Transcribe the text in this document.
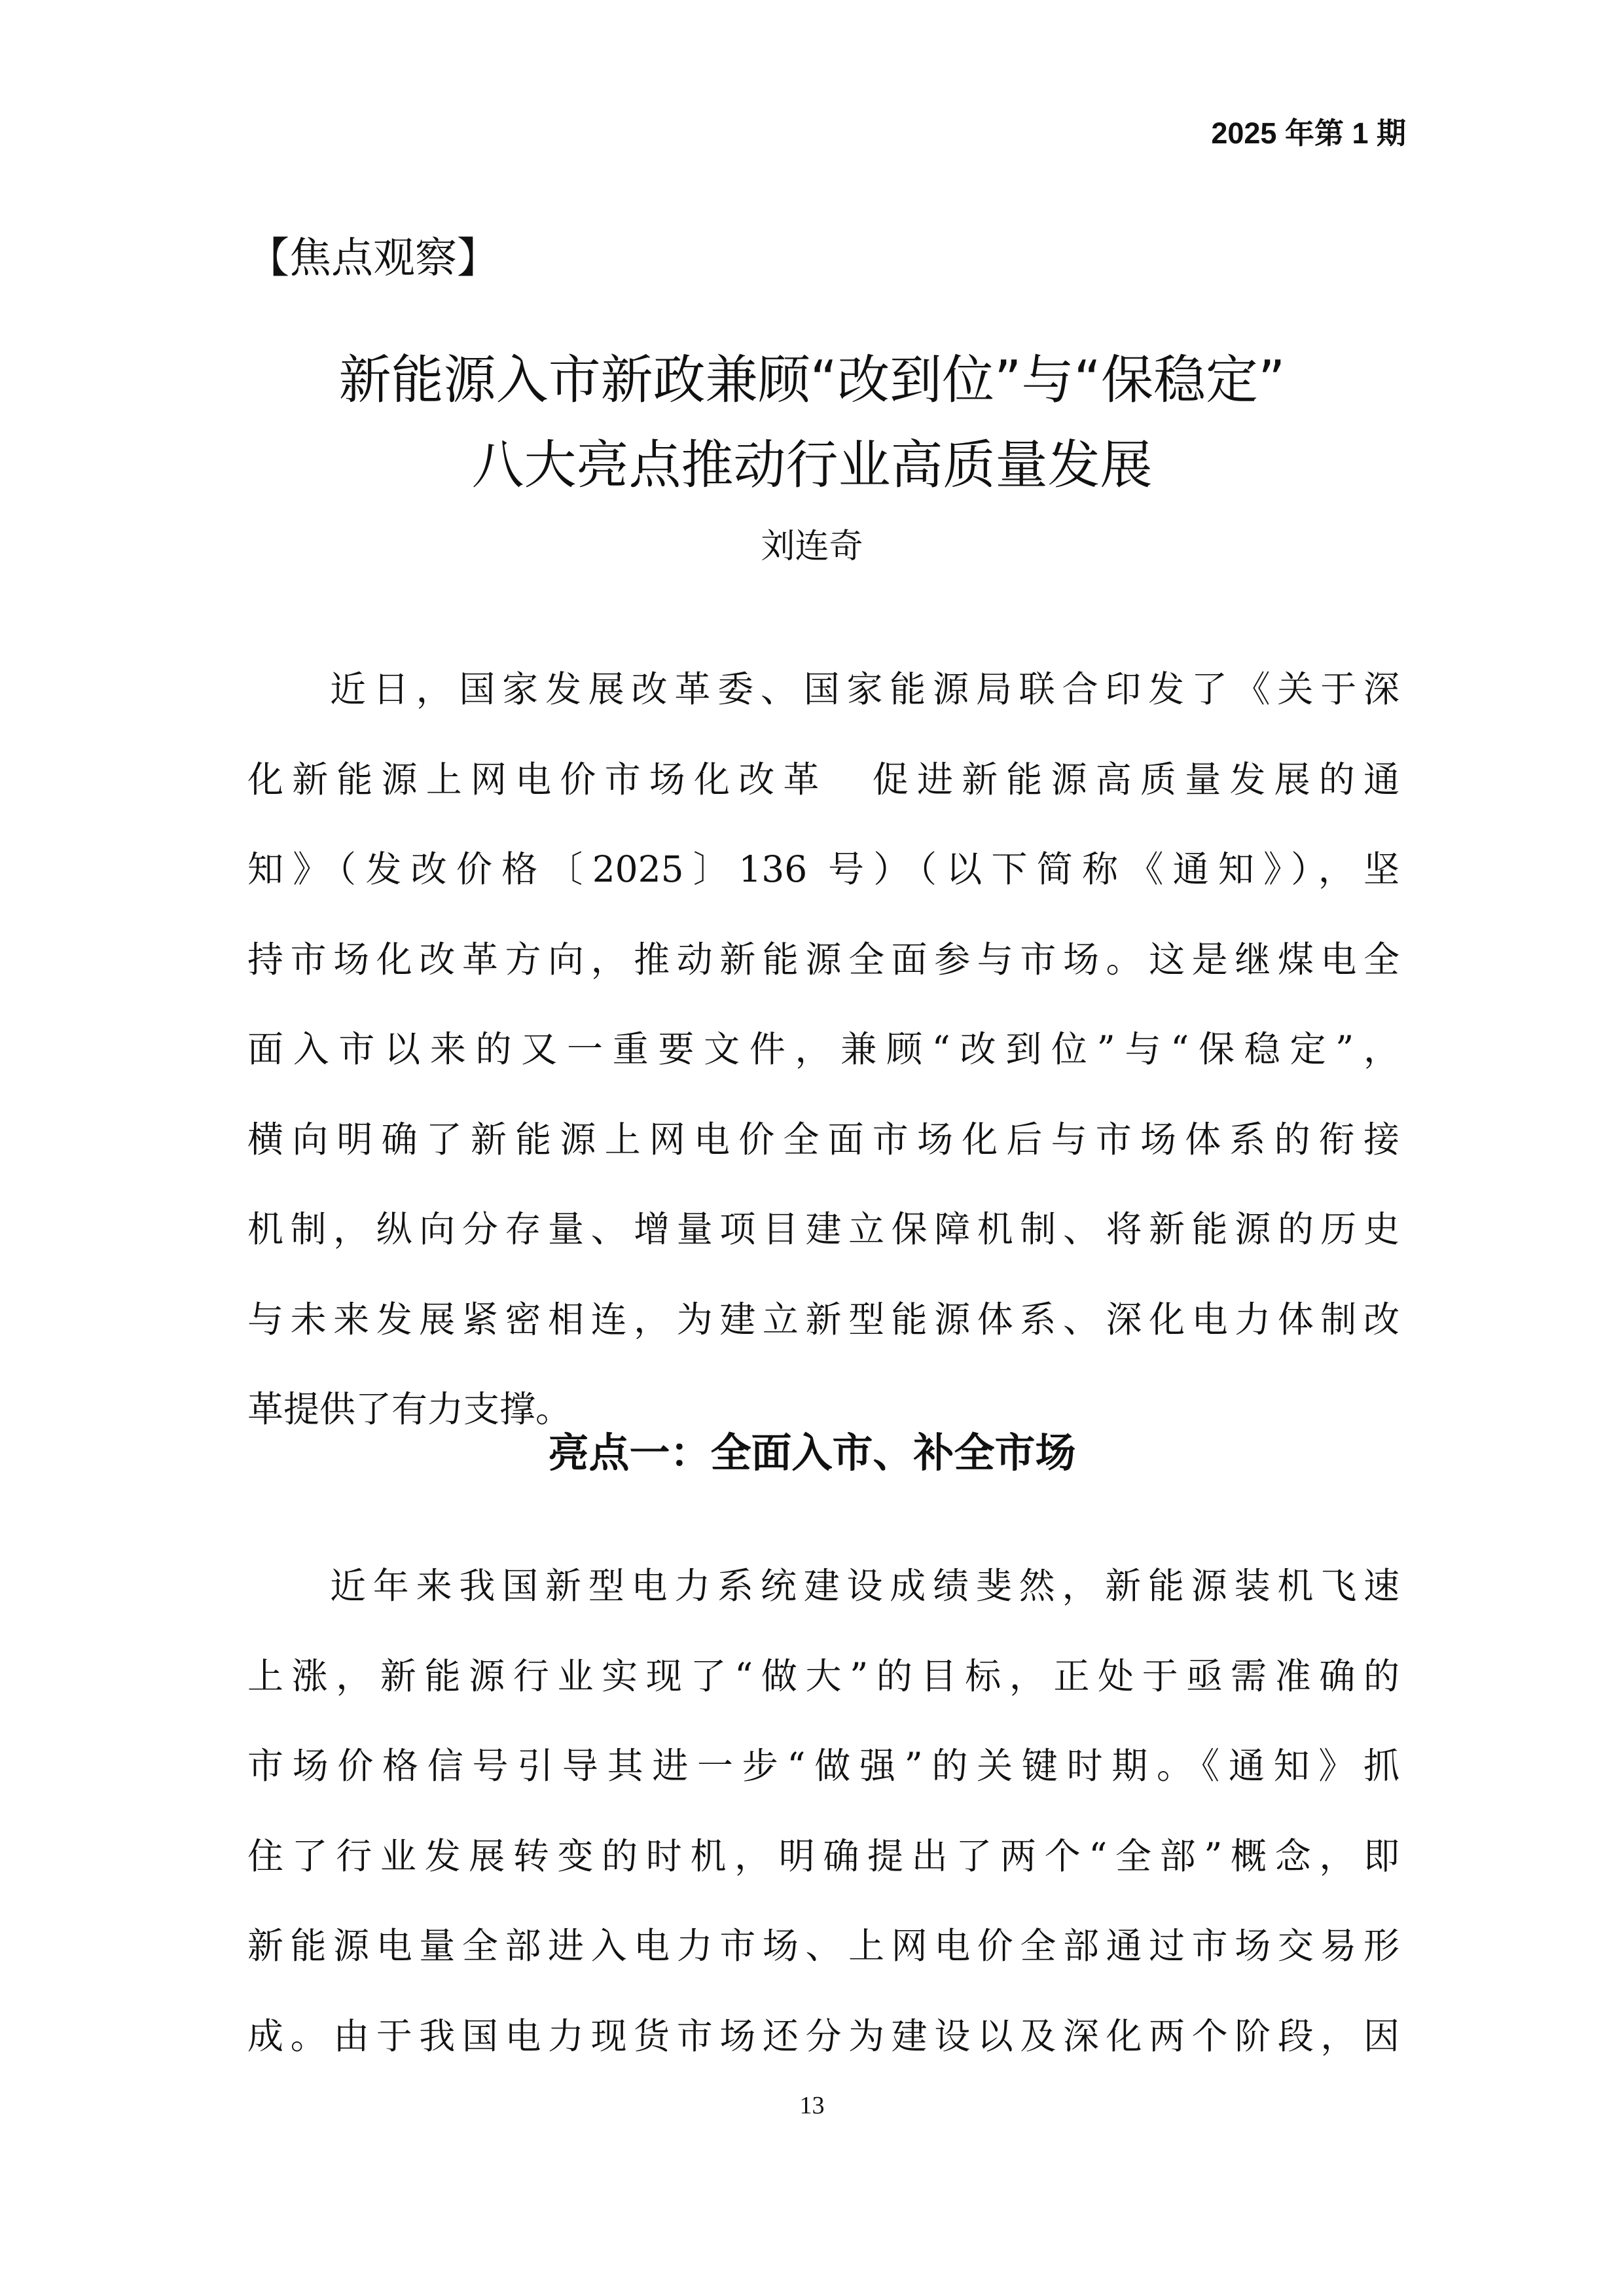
2025 年第 1 期
【焦点观察】
新能源入市新政兼顾“改到位”与“保稳定”
八大亮点推动行业高质量发展
刘连奇
近日，国家发展改革委、国家能源局联合印发了《关于深
化新能源上网电价市场化改革　促进新能源高质量发展的通
知》（发改价格〔2025〕136 号）（以下简称《通知》），坚
持市场化改革方向，推动新能源全面参与市场。这是继煤电全
面入市以来的又一重要文件，兼顾“改到位”与“保稳定”，
横向明确了新能源上网电价全面市场化后与市场体系的衔接
机制，纵向分存量、增量项目建立保障机制、将新能源的历史
与未来发展紧密相连，为建立新型能源体系、深化电力体制改
革提供了有力支撑。
亮点一：全面入市、补全市场
近年来我国新型电力系统建设成绩斐然，新能源装机飞速
上涨，新能源行业实现了“做大”的目标，正处于亟需准确的
市场价格信号引导其进一步“做强”的关键时期。《通知》抓
住了行业发展转变的时机，明确提出了两个“全部”概念，即
新能源电量全部进入电力市场、上网电价全部通过市场交易形
成。由于我国电力现货市场还分为建设以及深化两个阶段，因
13
